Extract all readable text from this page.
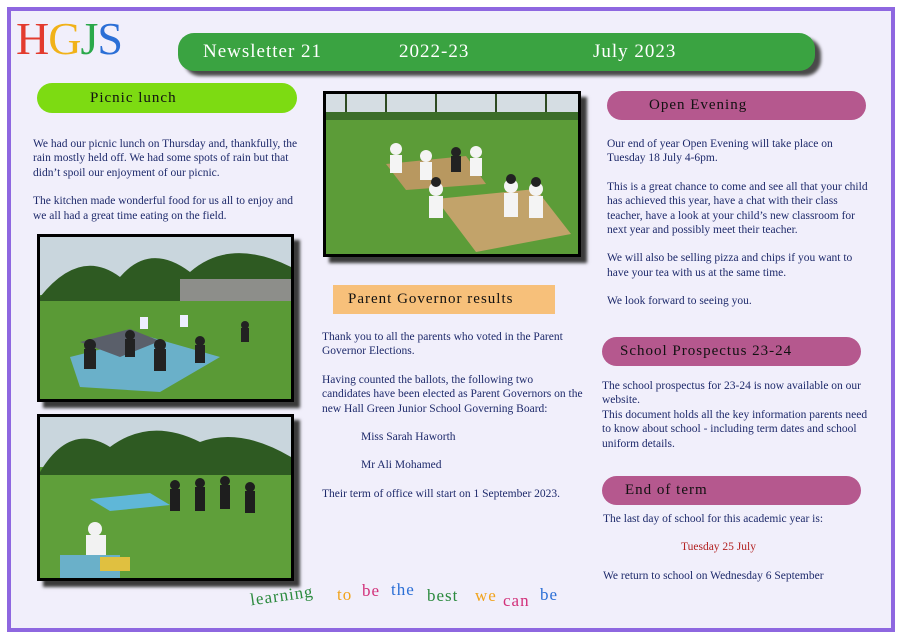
HGJS	Newsletter 21	2022-23	July 2023
Picnic lunch

We had our picnic lunch on Thursday and, thankfully, the rain mostly held off. We had some spots of rain but that didn’t spoil our enjoyment of our picnic.

The kitchen made wonderful food for us all to enjoy and we all had a great time eating on the field.

Parent Governor results

Thank you to all the parents who voted in the Parent Governor Elections.

Having counted the ballots, the following two candidates have been elected as Parent Governors on the new Hall Green Junior School Governing Board:

Miss Sarah Haworth

Mr Ali Mohamed

Their term of office will start on 1 September 2023.

Open Evening

Our end of year Open Evening will take place on Tuesday 18 July 4-6pm.

This is a great chance to come and see all that your child has achieved this year, have a chat with their class teacher, have a look at your child’s new classroom for next year and possibly meet their teacher.

We will also be selling pizza and chips if you want to have your tea with us at the same time.

We look forward to seeing you.

School Prospectus 23-24
The school prospectus for 23-24 is now available on our website.
This document holds all the key information parents need to know about school - including term dates and school uniform details.
End of term

The last day of school for this academic year is:

Tuesday 25 July

We return to school on Wednesday 6 September

learning to be the best we can be
